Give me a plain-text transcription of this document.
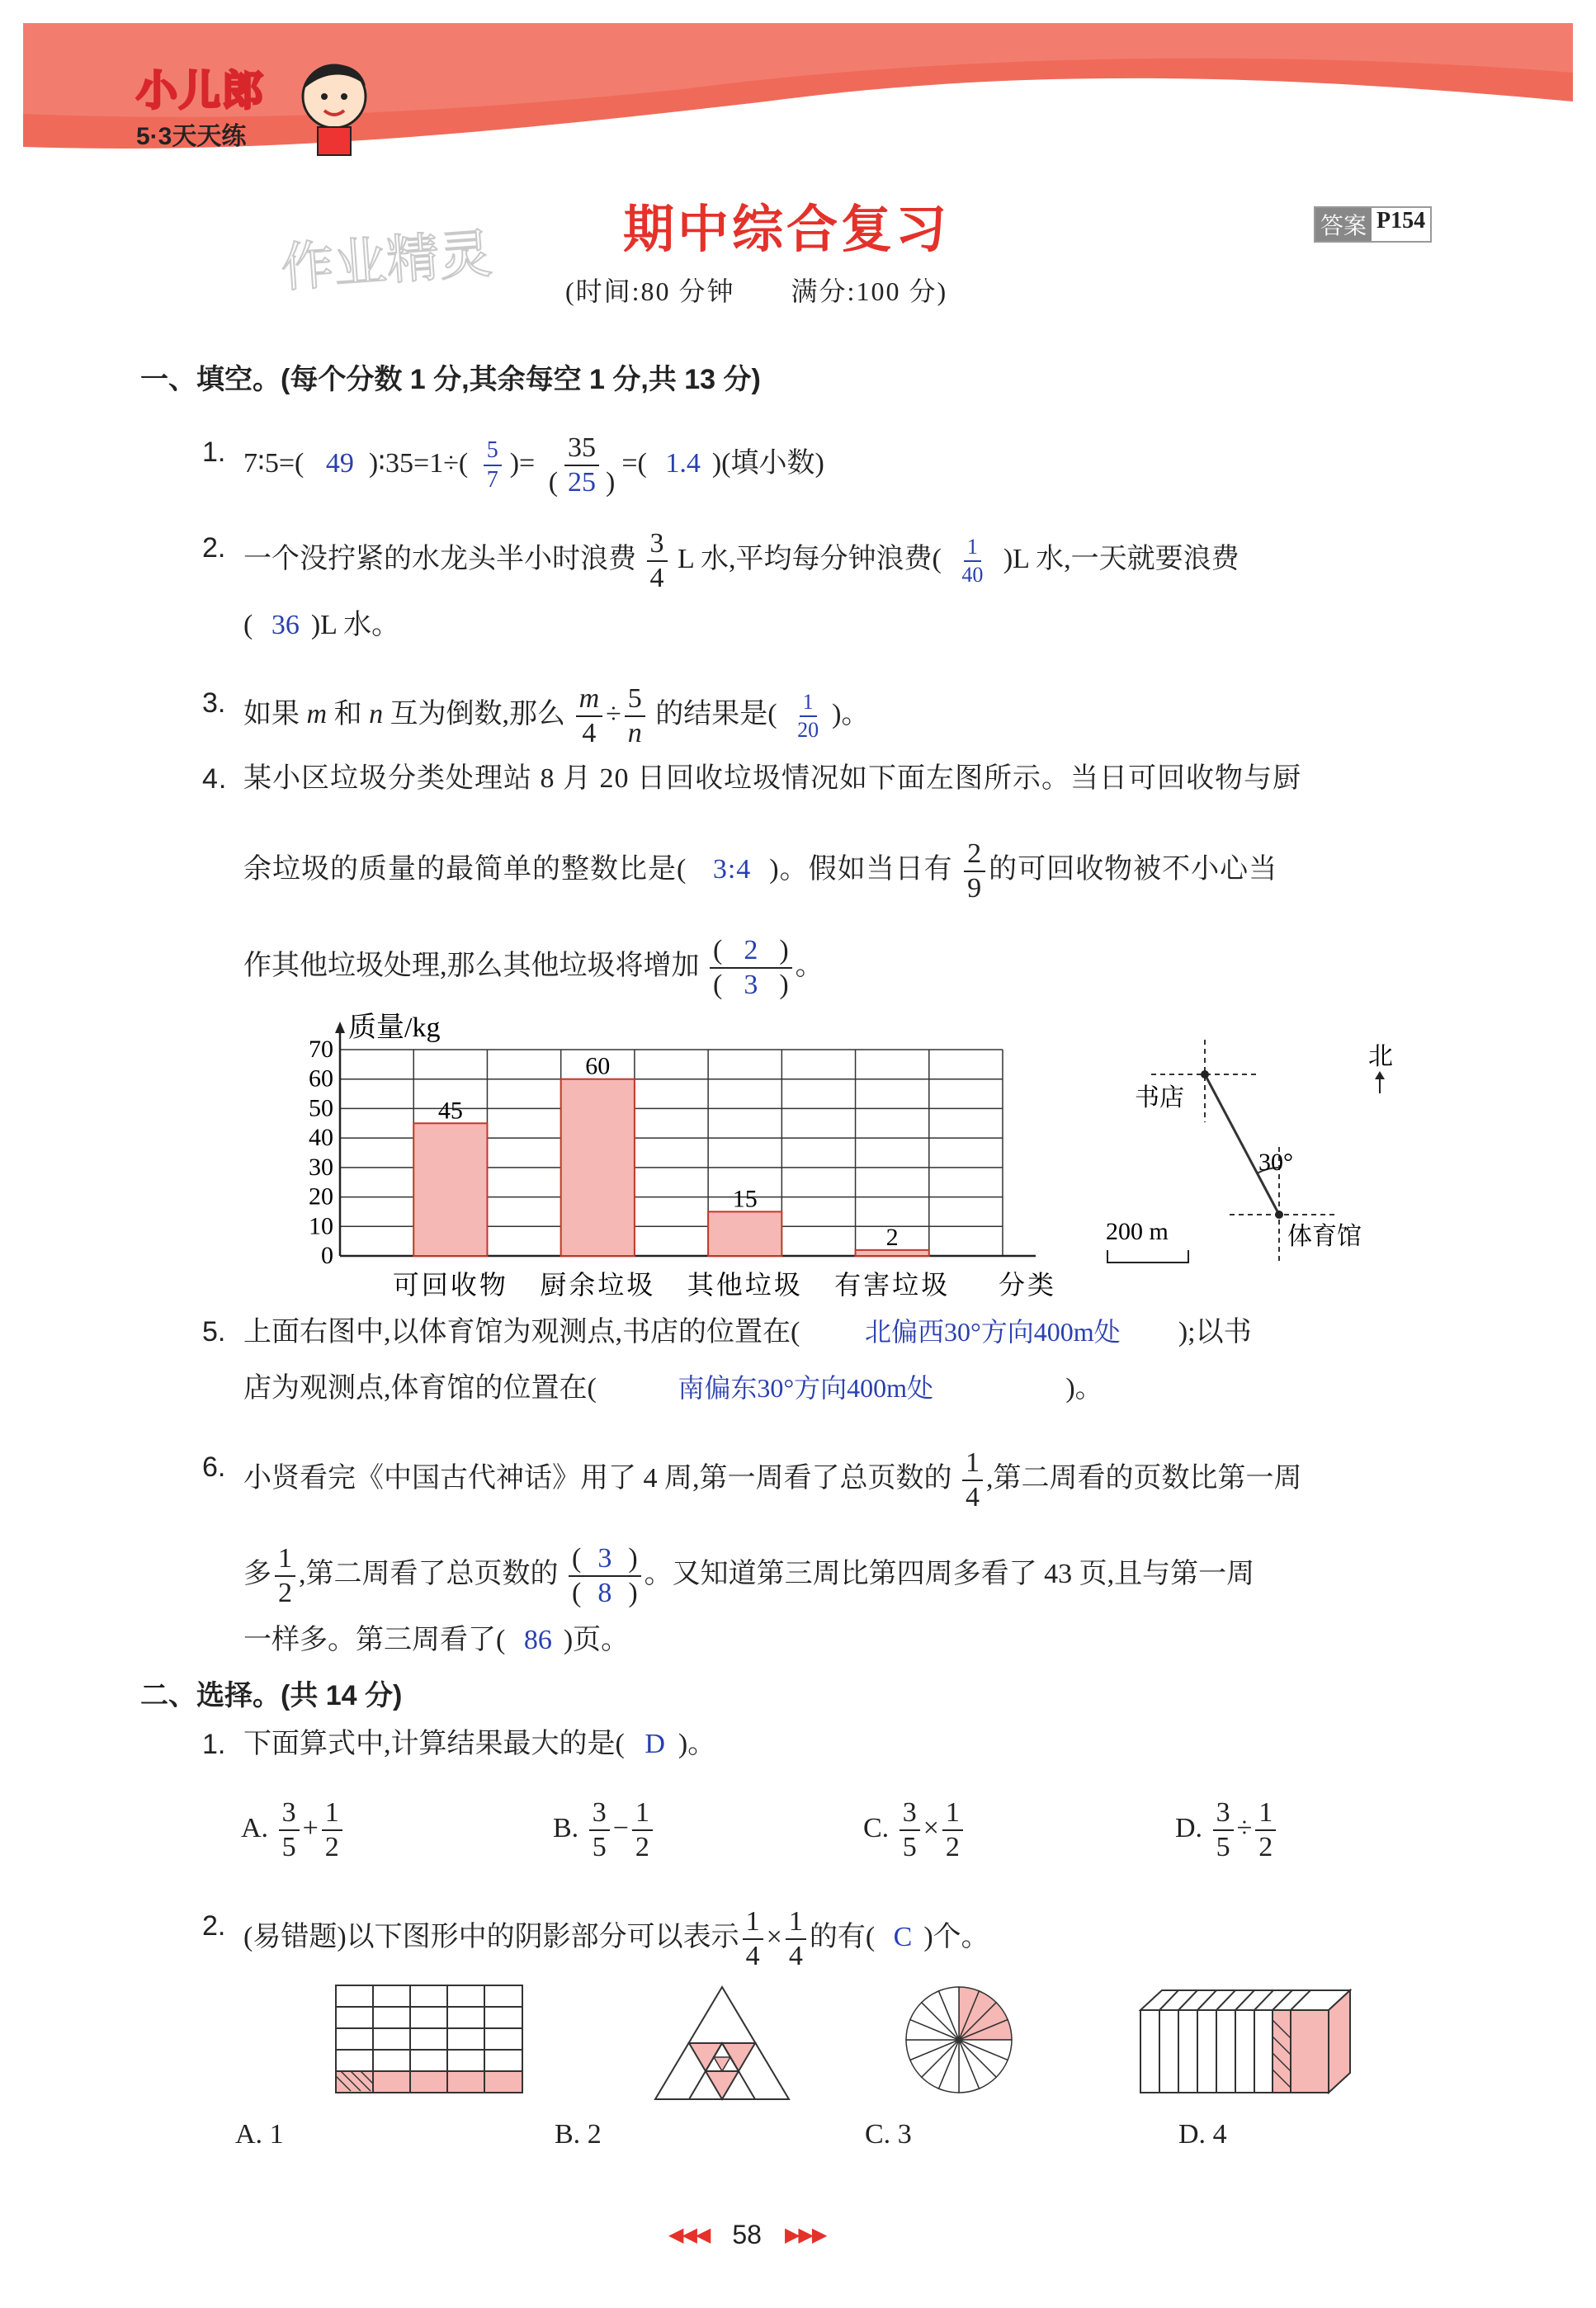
小儿郎
5·3天天练
作业精灵	期中综合复习	答案 P154
(时间:80 分钟　　满分:100 分)
一、填空。(每个分数 1 分,其余每空 1 分,共 13 分)
1. 7∶5=( 49 )∶35=1÷( $\frac{5}{7}$ )= $\frac{35}{( 25 )}$ =( 1.4 )(填小数)
2. 一个没拧紧的水龙头半小时浪费 $\frac{3}{4}$ L 水,平均每分钟浪费( $\frac{1}{40} )L$ 水,一天就要浪费
( 36 )L 水。
3. 如果 m 和 n 互为倒数,那么 $\frac{m}{4} \div \frac{5}{n}$ 的结果是( $\frac{1}{20}$ )。
4. 某小区垃圾分类处理站 8 月 20 日回收垃圾情况如下面左图所示。当日可回收物与厨
余垃圾的质量的最简单的整数比是( 3:4 )。假如当日有 $\frac{2}{9}$ 的可回收物被不小心当
作其他垃圾处理,那么其他垃圾将增加 $\frac{( 2 )}{( 3 )}$ 。
0
10
20
30
40
50
60
70
质量/kg
45
可回收物
60
厨余垃圾
15
其他垃圾
2
有害垃圾 分类
书店
体育馆
30°
北
200 m
5. 上面右图中,以体育馆为观测点,书店的位置在( 北偏西30°方向400m处 );以书
店为观测点,体育馆的位置在(	南偏东30°方向400m处	)。
6. 小贤看完《中国古代神话》用了 4 周,第一周看了总页数的 $\frac{1}{4}$ ,第二周看的页数比第一周
多 $\frac{1}{2}$ ,第二周看了总页数的 $\frac{( 3 )}{( 8 )}$ 。又知道第三周比第四周多看了 43 页,且与第一周
一样多。第三周看了( 86 )页。
二、选择。(共 14 分)
1. 下面算式中,计算结果最大的是( D )。
A. $\frac{3}{5} + \frac{1}{2}$	B. $\frac{3}{5} - \frac{1}{2}$	C. $\frac{3}{5} \times \frac{1}{2}$	D. $\frac{3}{5} \div \frac{1}{2}$
2. (易错题)以下图形中的阴影部分可以表示 $\frac{1}{4} \times \frac{1}{4}$ 的有( C )个。
A. 1	B. 2	C. 3	D. 4
◀◀◀ 58 ▶▶▶
